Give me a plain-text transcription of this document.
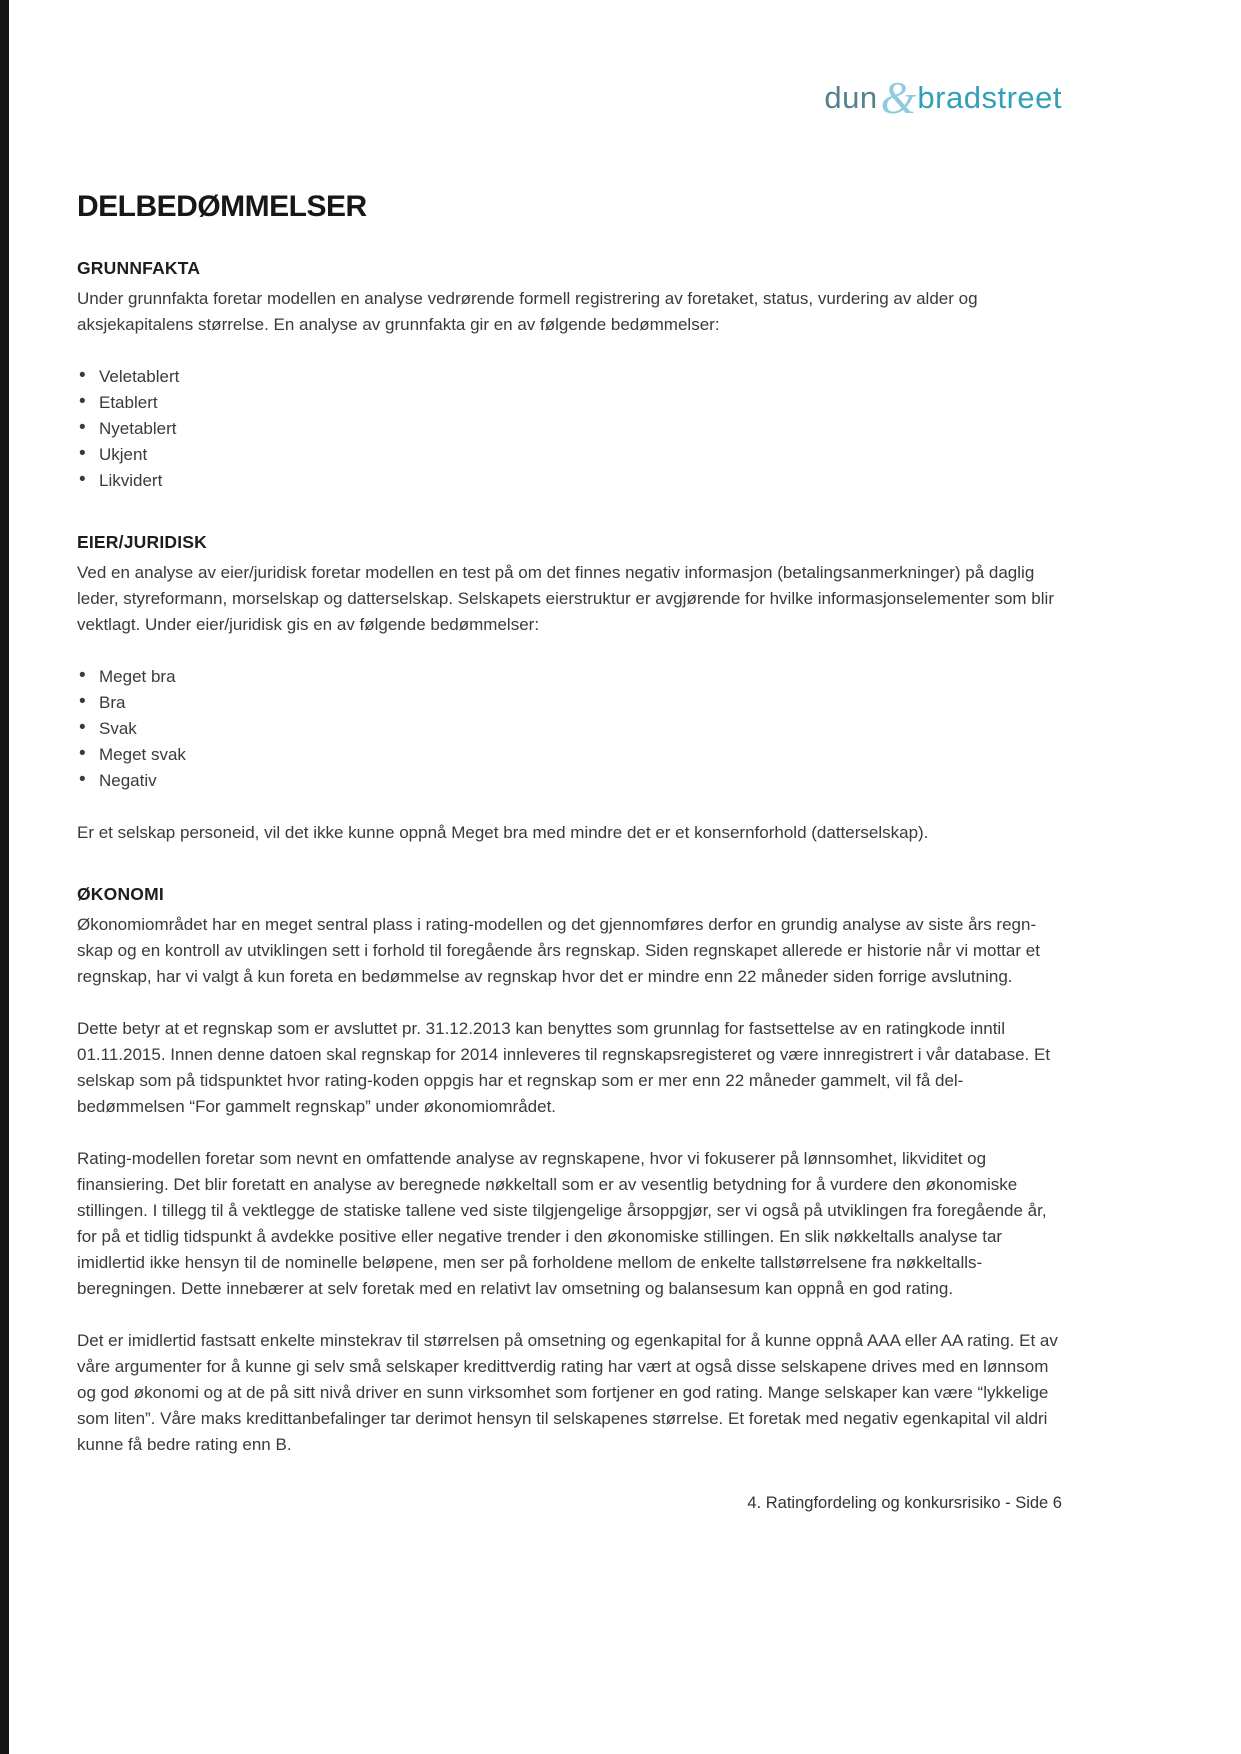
dun&bradstreet
DELBEDØMMELSER
GRUNNFAKTA

Under grunnfakta foretar modellen en analyse vedrørende formell registrering av foretaket, status, vurdering av alder og aksjekapitalens størrelse. En analyse av grunnfakta gir en av følgende bedømmelser:

• Veletablert
• Etablert
• Nyetablert
• Ukjent
• Likvidert
EIER/JURIDISK

Ved en analyse av eier/juridisk foretar modellen en test på om det finnes negativ informasjon (betalingsanmerkninger) på daglig leder, styreformann, morselskap og datterselskap. Selskapets eierstruktur er avgjørende for hvilke informasjonselementer som blir vektlagt. Under eier/juridisk gis en av følgende bedømmelser:

• Meget bra
• Bra
• Svak
• Meget svak
• Negativ

Er et selskap personeid, vil det ikke kunne oppnå Meget bra med mindre det er et konsernforhold (datterselskap).

ØKONOMI

Økonomiområdet har en meget sentral plass i rating-modellen og det gjennomføres derfor en grundig analyse av siste års regn- skap og en kontroll av utviklingen sett i forhold til foregående års regnskap. Siden regnskapet allerede er historie når vi mottar et regnskap, har vi valgt å kun foreta en bedømmelse av regnskap hvor det er mindre enn 22 måneder siden forrige avslutning.

Dette betyr at et regnskap som er avsluttet pr. 31.12.2013 kan benyttes som grunnlag for fastsettelse av en ratingkode inntil 01.11.2015. Innen denne datoen skal regnskap for 2014 innleveres til regnskapsregisteret og være innregistrert i vår database. Et selskap som på tidspunktet hvor rating-koden oppgis har et regnskap som er mer enn 22 måneder gammelt, vil få del- bedømmelsen “For gammelt regnskap” under økonomiområdet.

Rating-modellen foretar som nevnt en omfattende analyse av regnskapene, hvor vi fokuserer på lønnsomhet, likviditet og finansiering. Det blir foretatt en analyse av beregnede nøkkeltall som er av vesentlig betydning for å vurdere den økonomiske stillingen. I tillegg til å vektlegge de statiske tallene ved siste tilgjengelige årsoppgjør, ser vi også på utviklingen fra foregående år, for på et tidlig tidspunkt å avdekke positive eller negative trender i den økonomiske stillingen. En slik nøkkeltalls analyse tar imidlertid ikke hensyn til de nominelle beløpene, men ser på forholdene mellom de enkelte tallstørrelsene fra nøkkeltalls- beregningen. Dette innebærer at selv foretak med en relativt lav omsetning og balansesum kan oppnå en god rating.

Det er imidlertid fastsatt enkelte minstekrav til størrelsen på omsetning og egenkapital for å kunne oppnå AAA eller AA rating. Et av våre argumenter for å kunne gi selv små selskaper kredittverdig rating har vært at også disse selskapene drives med en lønnsom og god økonomi og at de på sitt nivå driver en sunn virksomhet som fortjener en god rating. Mange selskaper kan være “lykkelige som liten”. Våre maks kredittanbefalinger tar derimot hensyn til selskapenes størrelse. Et foretak med negativ egenkapital vil aldri kunne få bedre rating enn B.

4. Ratingfordeling og konkursrisiko - Side 6
